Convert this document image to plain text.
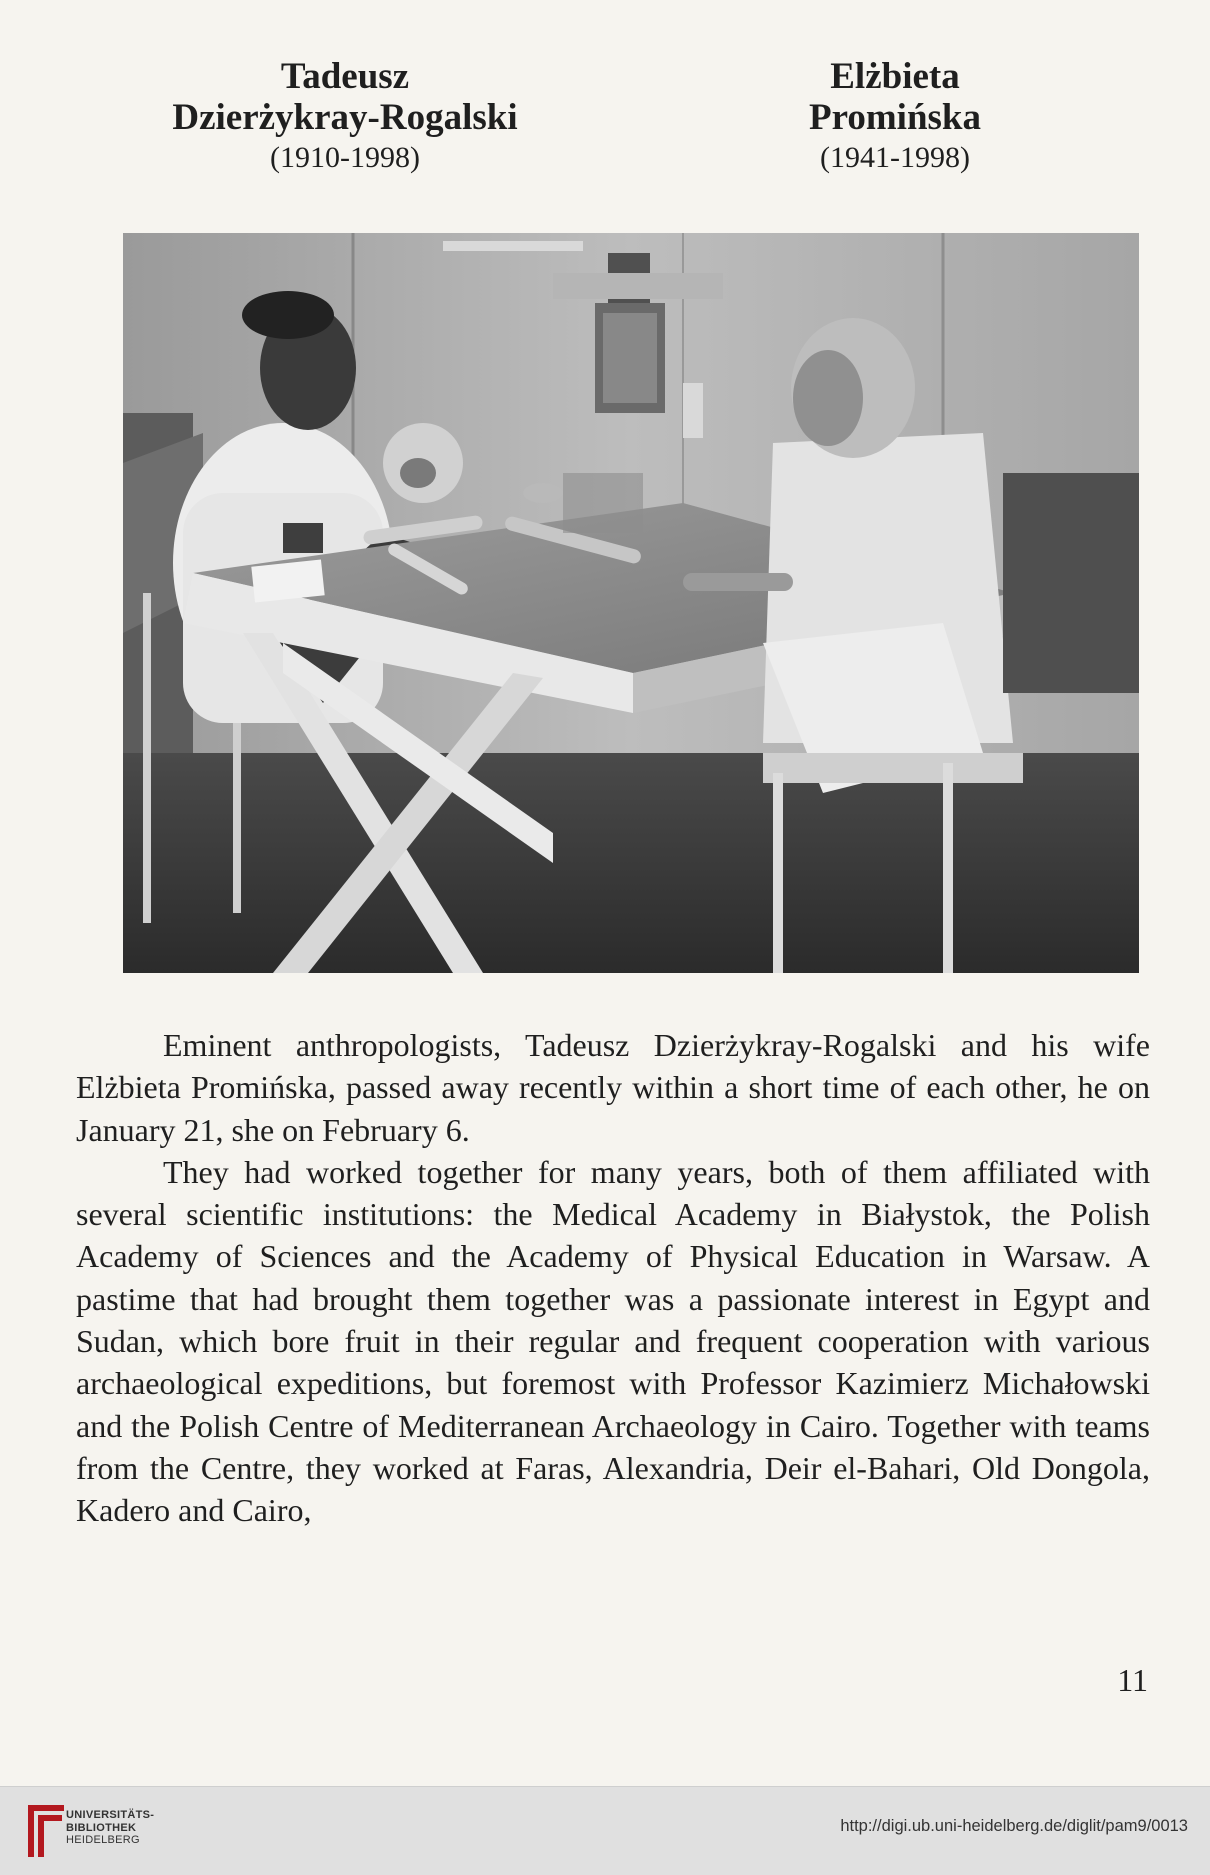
Tadeusz
Dzierżykray-Rogalski
(1910-1998)
Elżbieta
Promińska
(1941-1998)

Eminent anthropologists, Tadeusz Dzierżykray-Rogalski and his wife Elżbieta Promińska, passed away recently within a short time of each other, he on January 21, she on February 6.

They had worked together for many years, both of them affiliated with several scientific institutions: the Medical Academy in Białystok, the Polish Academy of Sciences and the Academy of Physical Education in Warsaw. A pastime that had brought them together was a passionate interest in Egypt and Sudan, which bore fruit in their regular and frequent cooperation with various archaeological expeditions, but foremost with Professor Kazimierz Michałowski and the Polish Centre of Mediterranean Archaeology in Cairo. Together with teams from the Centre, they worked at Faras, Alexandria, Deir el-Bahari, Old Dongola, Kadero and Cairo,

11
UNIVERSITÄTS-
BIBLIOTHEK
HEIDELBERG
http://digi.ub.uni-heidelberg.de/diglit/pam9/0013
